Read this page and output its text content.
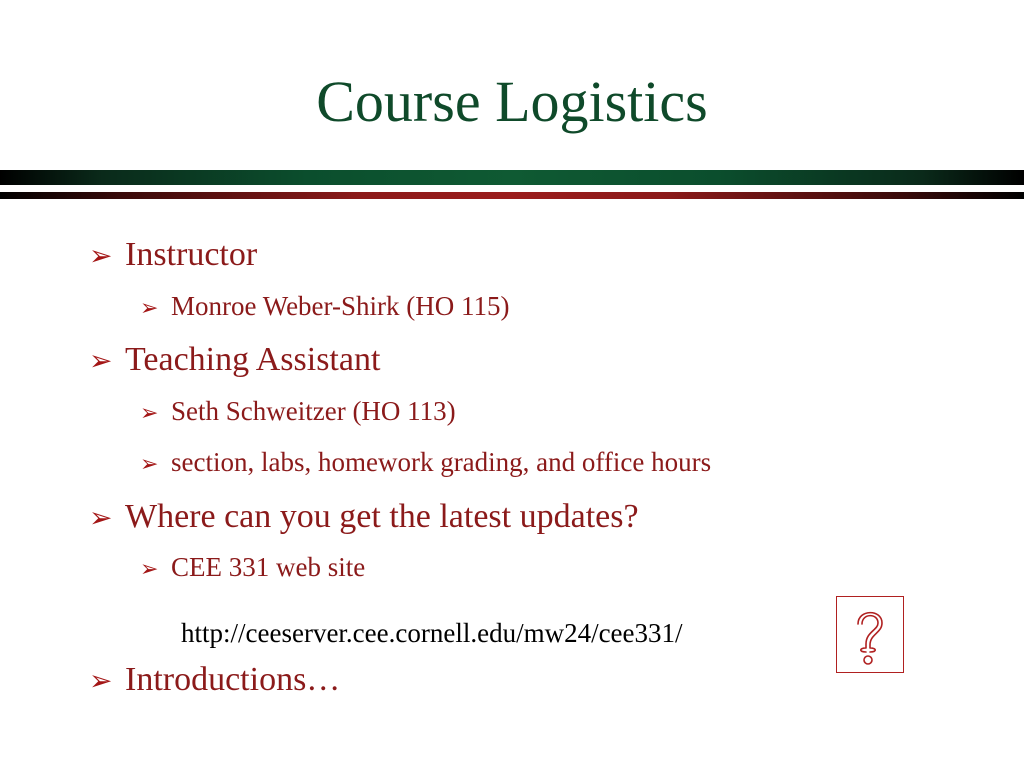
Course Logistics
➢ Instructor
➢ Monroe Weber-Shirk (HO 115)
➢ Teaching Assistant
➢ Seth Schweitzer (HO 113)
➢ section, labs, homework grading, and office hours
➢ Where can you get the latest updates?
➢ CEE 331 web site
http://ceeserver.cee.cornell.edu/mw24/cee331/
➢ Introductions…
